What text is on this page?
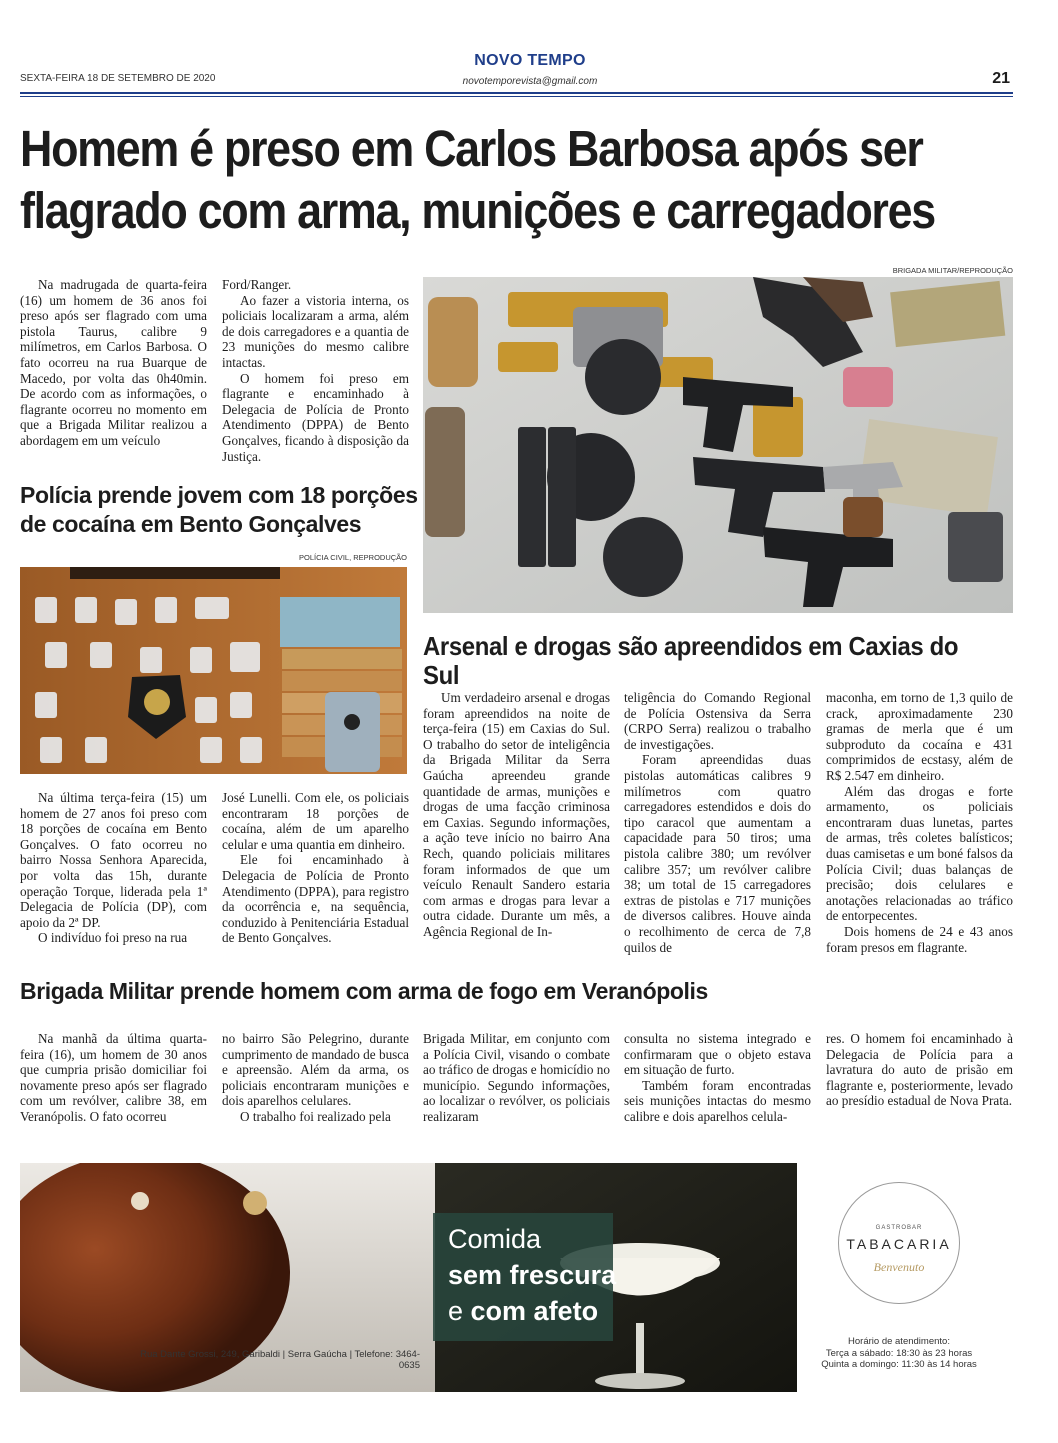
SEXTA-FEIRA 18 DE SETEMBRO DE 2020
NOVO TEMPO
novotemporevista@gmail.com	21
Homem é preso em Carlos Barbosa após ser
flagrado com arma, munições e carregadores

Na madrugada de quarta-feira (16) um homem de 36 anos foi preso após ser flagrado com uma pistola Taurus, calibre 9 milímetros, em Carlos Barbosa. O fato ocorreu na rua Buarque de Macedo, por volta das 0h40min. De acordo com as informações, o flagrante ocorreu no momento em que a Brigada Militar realizou a abordagem em um veículo

Ford/Ranger.

Ao fazer a vistoria interna, os policiais localizaram a arma, além de dois carregadores e a quantia de 23 munições do mesmo calibre intactas.

O homem foi preso em flagrante e encaminhado à Delegacia de Polícia de Pronto Atendimento (DPPA) de Bento Gonçalves, ficando à disposição da Justiça.

BRIGADA MILITAR/REPRODUÇÃO
Arsenal e drogas são apreendidos em Caxias do Sul

Um verdadeiro arsenal e drogas foram apreendidos na noite de terça-feira (15) em Caxias do Sul. O trabalho do setor de inteligência da Brigada Militar da Serra Gaúcha apreendeu grande quantidade de armas, munições e drogas de uma facção criminosa em Caxias. Segundo informações, a ação teve início no bairro Ana Rech, quando policiais militares foram informados de que um veículo Renault Sandero estaria com armas e drogas para levar a outra cidade. Durante um mês, a Agência Regional de In-

teligência do Comando Regional de Polícia Ostensiva da Serra (CRPO Serra) realizou o trabalho de investigações.

Foram apreendidas duas pistolas automáticas calibres 9 milímetros com quatro carregadores estendidos e dois do tipo caracol que aumentam a capacidade para 50 tiros; uma pistola calibre 380; um revólver calibre 357; um revólver calibre 38; um total de 15 carregadores extras de pistolas e 717 munições de diversos calibres. Houve ainda o recolhimento de cerca de 7,8 quilos de

maconha, em torno de 1,3 quilo de crack, aproximadamente 230 gramas de merla que é um subproduto da cocaína e 431 comprimidos de ecstasy, além de R$ 2.547 em dinheiro.

Além das drogas e forte armamento, os policiais encontraram duas lunetas, partes de armas, três coletes balísticos; duas camisetas e um boné falsos da Polícia Civil; duas balanças de precisão; dois celulares e anotações relacionadas ao tráfico de entorpecentes.

Dois homens de 24 e 43 anos foram presos em flagrante.

Polícia prende jovem com 18 porções
de cocaína em Bento Gonçalves
POLÍCIA CIVIL, REPRODUÇÃO

Na última terça-feira (15) um homem de 27 anos foi preso com 18 porções de cocaína em Bento Gonçalves. O fato ocorreu no bairro Nossa Senhora Aparecida, por volta das 15h, durante operação Torque, liderada pela 1ª Delegacia de Polícia (DP), com apoio da 2ª DP.

O indivíduo foi preso na rua

José Lunelli. Com ele, os policiais encontraram 18 porções de cocaína, além de um aparelho celular e uma quantia em dinheiro.

Ele foi encaminhado à Delegacia de Polícia de Pronto Atendimento (DPPA), para registro da ocorrência e, na sequência, conduzido à Penitenciária Estadual de Bento Gonçalves.

Brigada Militar prende homem com arma de fogo em Veranópolis

Na manhã da última quarta-feira (16), um homem de 30 anos que cumpria prisão domiciliar foi novamente preso após ser flagrado com um revólver, calibre 38, em Veranópolis. O fato ocorreu

no bairro São Pelegrino, durante cumprimento de mandado de busca e apreensão. Além da arma, os policiais encontraram munições e dois aparelhos celulares.

O trabalho foi realizado pela

Brigada Militar, em conjunto com a Polícia Civil, visando o combate ao tráfico de drogas e homicídio no município. Segundo informações, ao localizar o revólver, os policiais realizaram

consulta no sistema integrado e confirmaram que o objeto estava em situação de furto.

Também foram encontradas seis munições intactas do mesmo calibre e dois aparelhos celula-

res. O homem foi encaminhado à Delegacia de Polícia para a lavratura do auto de prisão em flagrante e, posteriormente, levado ao presídio estadual de Nova Prata.

Comida
sem frescura
e com afeto
Rua Dante Grossi, 249, Garibaldi | Serra Gaúcha | Telefone: 3464-0635
GASTROBAR
TABACARIA
Benvenuto
Horário de atendimento:
Terça a sábado: 18:30 às 23 horas
Quinta a domingo: 11:30 às 14 horas
